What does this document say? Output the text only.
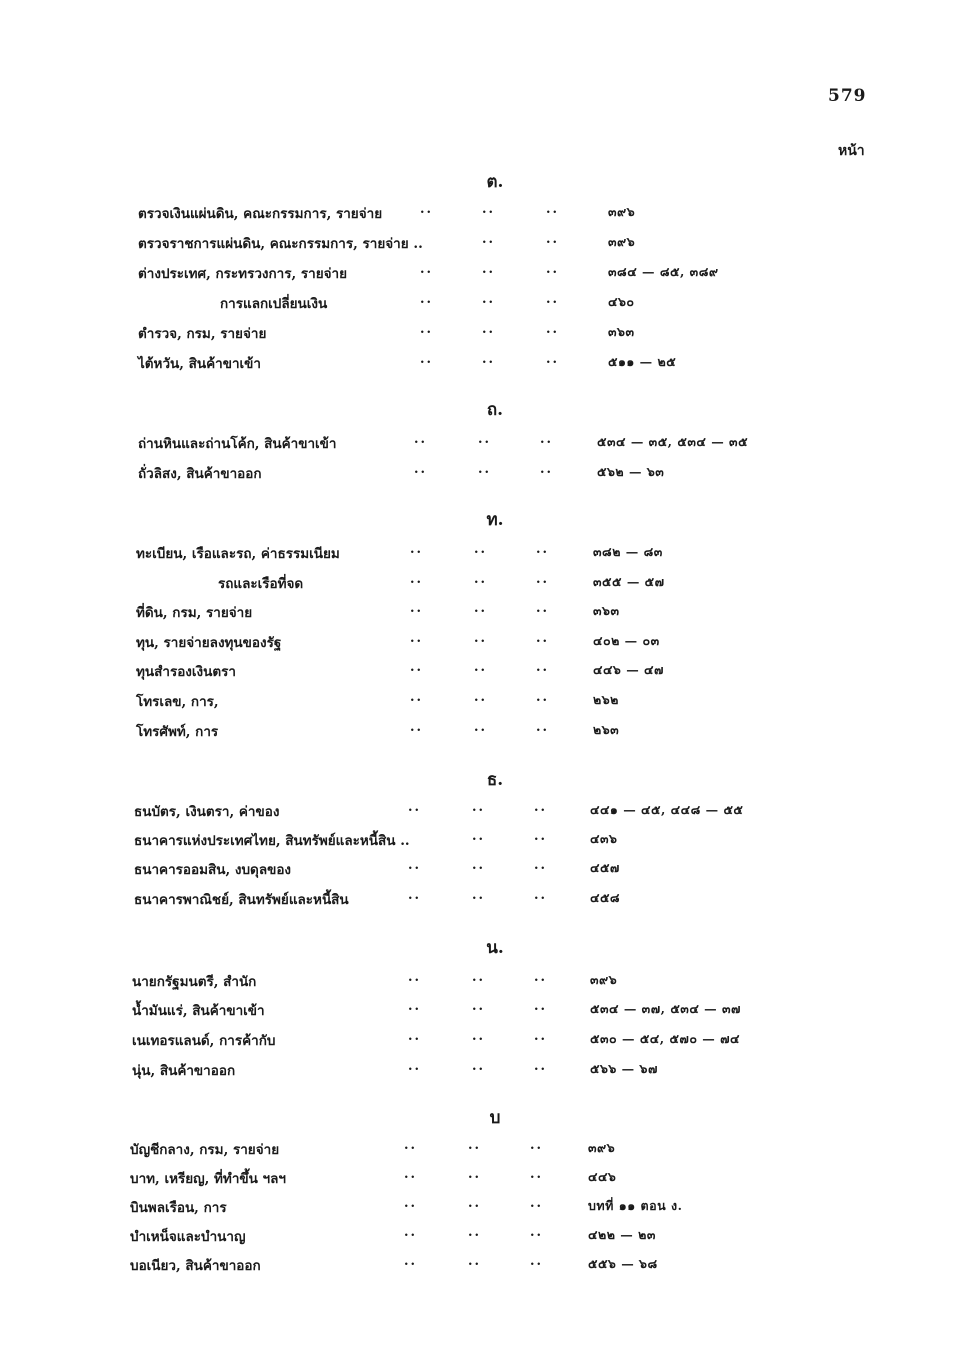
579
หน้า
ต.
ตรวจเงินแผ่นดิน, คณะกรรมการ, รายจ่าย	..	..	..	๓๙๖
ตรวจราชการแผ่นดิน, คณะกรรมการ, รายจ่าย ..	..	..	๓๙๖
ต่างประเทศ, กระทรวงการ, รายจ่าย	..	..	..	๓๘๔ — ๘๕, ๓๘๙
การแลกเปลี่ยนเงิน	..	..	..	๔๖๐
ตำรวจ, กรม, รายจ่าย	..	..	..	๓๖๓
ไต้หวัน, สินค้าขาเข้า	..	..	..	๕๑๑ — ๒๕
ถ.
ถ่านหินและถ่านโค้ก, สินค้าขาเข้า	..	..	..	๕๓๔ — ๓๕, ๕๓๔ — ๓๕
ถั่วลิสง, สินค้าขาออก	..	..	..	๕๖๒ — ๖๓
ท.
ทะเบียน, เรือและรถ, ค่าธรรมเนียม	..	..	..	๓๘๒ — ๘๓
รถและเรือที่จด	..	..	..	๓๕๕ — ๕๗
ที่ดิน, กรม, รายจ่าย	..	..	..	๓๖๓
ทุน, รายจ่ายลงทุนของรัฐ	..	..	..	๔๐๒ — ๐๓
ทุนสำรองเงินตรา	..	..	..	๔๔๖ — ๔๗
โทรเลข, การ,	..	..	..	๒๖๒
โทรศัพท์, การ	..	..	..	๒๖๓
ธ.
ธนบัตร, เงินตรา, ค่าของ	..	..	..	๔๔๑ — ๔๕, ๔๔๘ — ๕๕
ธนาคารแห่งประเทศไทย, สินทรัพย์และหนี้สิน ..	..	..	๔๓๖
ธนาคารออมสิน, งบดุลของ	..	..	..	๔๕๗
ธนาคารพาณิชย์, สินทรัพย์และหนี้สิน	..	..	..	๔๕๘
น.
นายกรัฐมนตรี, สำนัก	..	..	..	๓๙๖
น้ำมันแร่, สินค้าขาเข้า	..	..	..	๕๓๔ — ๓๗, ๕๓๔ — ๓๗
เนเทอรแลนด์, การค้ากับ	..	..	..	๕๓๐ — ๕๔, ๕๗๐ — ๗๔
นุ่น, สินค้าขาออก	..	..	..	๕๖๖ — ๖๗
บ
บัญชีกลาง, กรม, รายจ่าย	..	..	..	๓๙๖
บาท, เหรียญ, ที่ทำขึ้น ฯลฯ	..	..	..	๔๔๖
บินพลเรือน, การ	..	..	..	บทที่ ๑๑ ตอน ง.
บำเหน็จและบำนาญ	..	..	..	๔๒๒ — ๒๓
บอเนียว, สินค้าขาออก	..	..	..	๕๕๖ — ๖๘
